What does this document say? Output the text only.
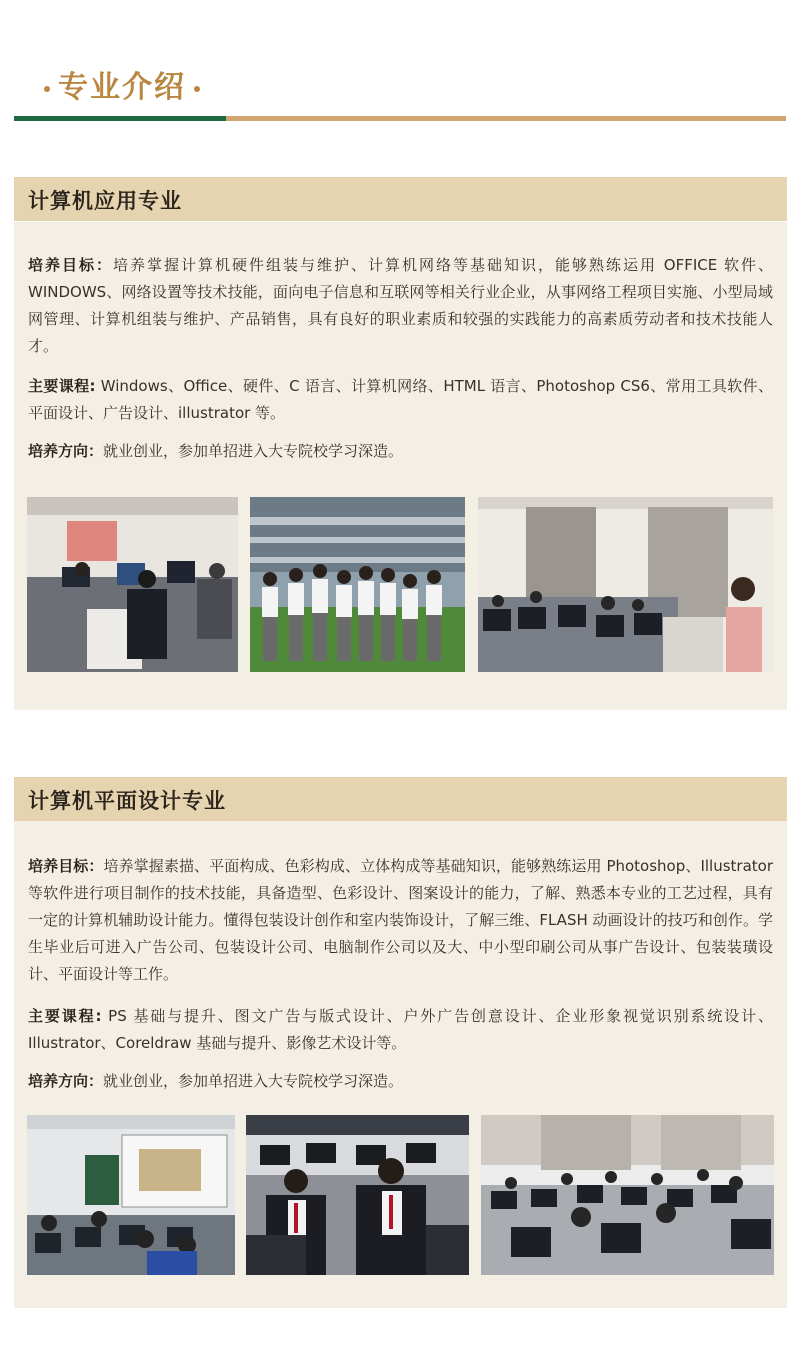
专业介绍
计算机应用专业
培养目标：培养掌握计算机硬件组装与维护、计算机网络等基础知识，能够熟练运用 OFFICE 软件、WINDOWS、网络设置等技术技能，面向电子信息和互联网等相关行业企业，从事网络工程项目实施、小型局域网管理、计算机组装与维护、产品销售，具有良好的职业素质和较强的实践能力的高素质劳动者和技术技能人才。
主要课程: Windows、Office、硬件、C 语言、计算机网络、HTML 语言、Photoshop CS6、常用工具软件、平面设计、广告设计、illustrator 等。
培养方向：就业创业，参加单招进入大专院校学习深造。
计算机平面设计专业
培养目标：培养掌握素描、平面构成、色彩构成、立体构成等基础知识，能够熟练运用 Photoshop、Illustrator 等软件进行项目制作的技术技能，具备造型、色彩设计、图案设计的能力，了解、熟悉本专业的工艺过程，具有一定的计算机辅助设计能力。懂得包装设计创作和室内装饰设计，了解三维、FLASH 动画设计的技巧和创作。学生毕业后可进入广告公司、包装设计公司、电脑制作公司以及大、中小型印刷公司从事广告设计、包装装璜设计、平面设计等工作。
主要课程: PS 基础与提升、图文广告与版式设计、户外广告创意设计、企业形象视觉识别系统设计、Illustrator、Coreldraw 基础与提升、影像艺术设计等。
培养方向：就业创业，参加单招进入大专院校学习深造。
